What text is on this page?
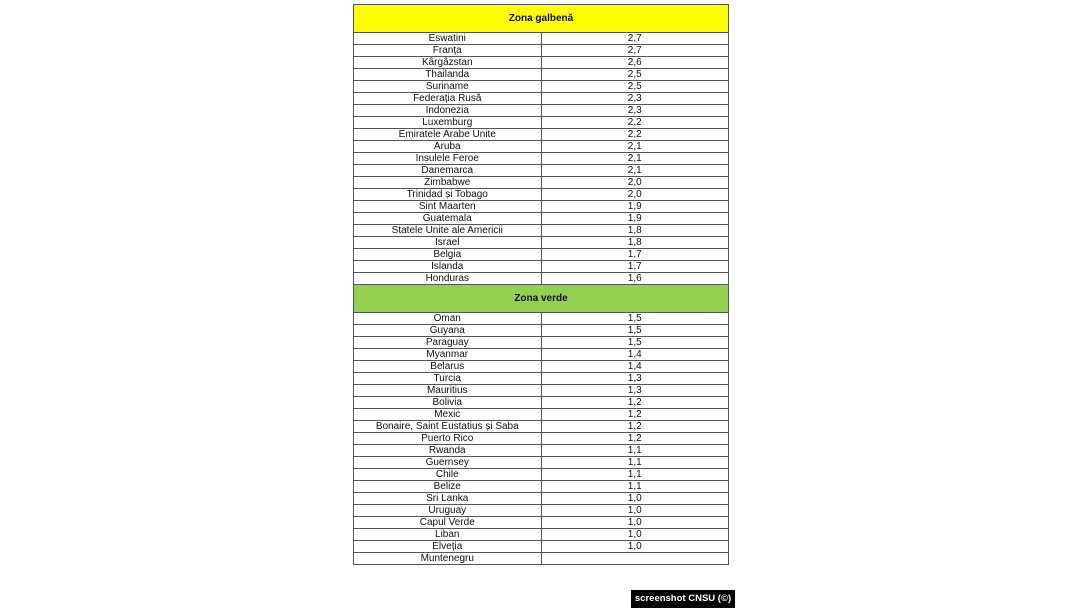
Zona galbenă	
Eswatini	2,7
Franța	2,7
Kârgâzstan	2,6
Thailanda	2,5
Suriname	2,5
Federația Rusă	2,3
Indonezia	2,3
Luxemburg	2,2
Emiratele Arabe Unite	2,2
Aruba	2,1
Insulele Feroe	2,1
Danemarca	2,1
Zimbabwe	2,0
Trinidad și Tobago	2,0
Sint Maarten	1,9
Guatemala	1,9
Statele Unite ale Americii	1,8
Israel	1,8
Belgia	1,7
Islanda	1,7
Honduras	1,6
Zona verde	
Oman	1,5
Guyana	1,5
Paraguay	1,5
Myanmar	1,4
Belarus	1,4
Turcia	1,3
Mauritius	1,3
Bolivia	1,2
Mexic	1,2
Bonaire, Saint Eustatius și Saba	1,2
Puerto Rico	1,2
Rwanda	1,1
Guernsey	1,1
Chile	1,1
Belize	1,1
Sri Lanka	1,0
Uruguay	1,0
Capul Verde	1,0
Liban	1,0
Elveția	1,0
Muntenegru	
screenshot CNSU (©)
